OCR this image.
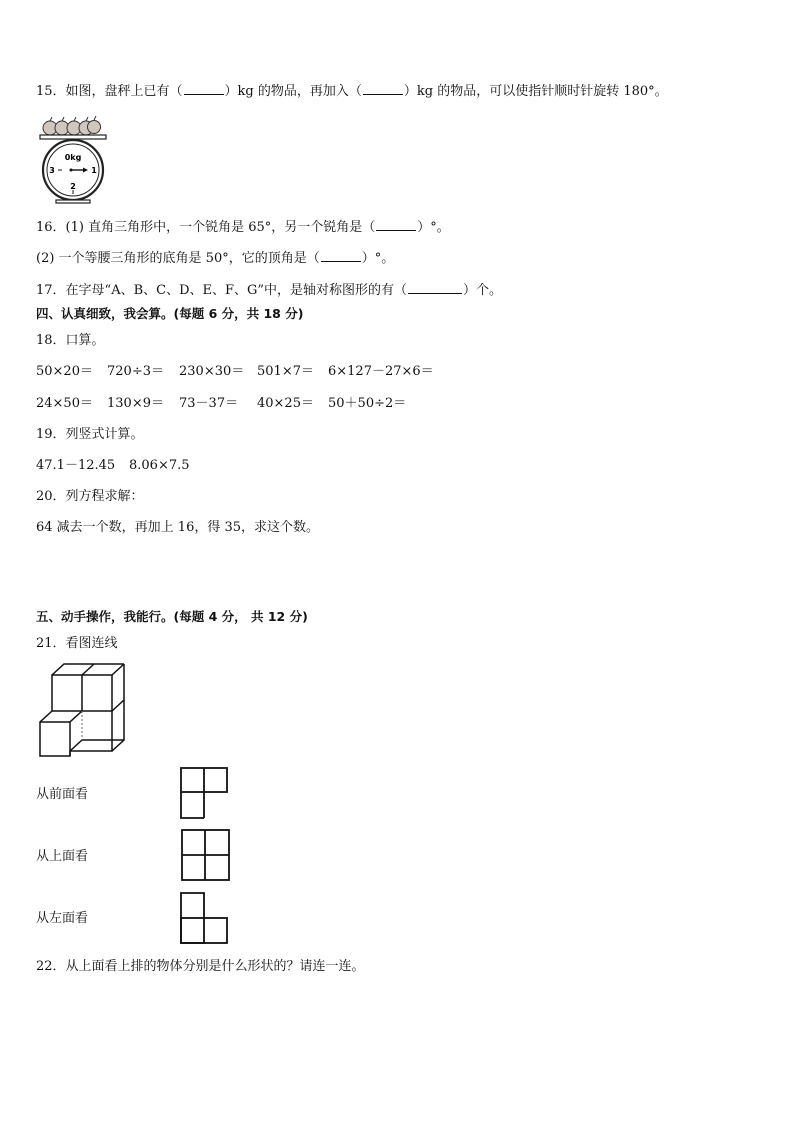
15．如图，盘秤上已有（	）kg 的物品，再加入（	）kg 的物品，可以使指针顺时针旋转 180°。
0kg
3	1
2
16．(1) 直角三角形中，一个锐角是 65°，另一个锐角是（	）°。
(2) 一个等腰三角形的底角是 50°，它的顶角是（	）°。
17．在字母“A、B、C、D、E、F、G”中，是轴对称图形的有（	）个。
四、认真细致，我会算。(每题 6 分，共 18 分)
18．口算。
50×20＝ 720÷3＝ 230×30＝ 501×7＝ 6×127－27×6＝
24×50＝ 130×9＝ 73－37＝ 40×25＝ 50＋50÷2＝
19．列竖式计算。
47.1－12.45 8.06×7.5
20．列方程求解：
64 减去一个数，再加上 16，得 35，求这个数。
五、动手操作，我能行。(每题 4 分， 共 12 分)
21．看图连线
从前面看
从上面看
从左面看
22．从上面看上排的物体分别是什么形状的？请连一连。
